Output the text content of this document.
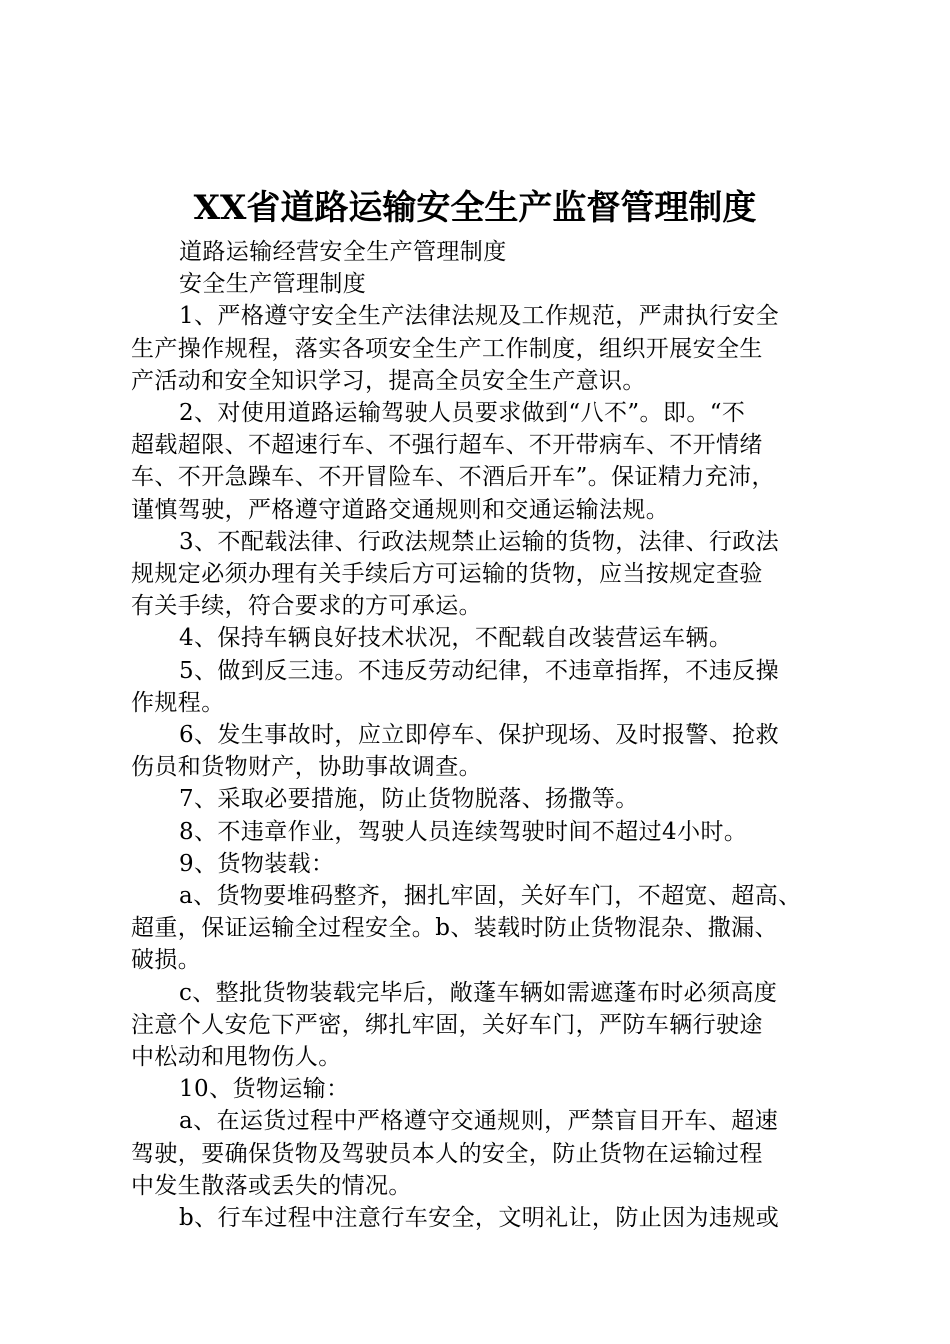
XX省道路运输安全生产监督管理制度
道路运输经营安全生产管理制度
安全生产管理制度
1、严格遵守安全生产法律法规及工作规范，严肃执行安全
生产操作规程，落实各项安全生产工作制度，组织开展安全生
产活动和安全知识学习，提高全员安全生产意识。
2、对使用道路运输驾驶人员要求做到“八不”。即。“不
超载超限、不超速行车、不强行超车、不开带病车、不开情绪
车、不开急躁车、不开冒险车、不酒后开车”。保证精力充沛，
谨慎驾驶，严格遵守道路交通规则和交通运输法规。
3、不配载法律、行政法规禁止运输的货物，法律、行政法
规规定必须办理有关手续后方可运输的货物，应当按规定查验
有关手续，符合要求的方可承运。
4、保持车辆良好技术状况，不配载自改装营运车辆。
5、做到反三违。不违反劳动纪律，不违章指挥，不违反操
作规程。
6、发生事故时，应立即停车、保护现场、及时报警、抢救
伤员和货物财产，协助事故调查。
7、采取必要措施，防止货物脱落、扬撒等。
8、不违章作业，驾驶人员连续驾驶时间不超过4小时。
9、货物装载：
a、货物要堆码整齐，捆扎牢固，关好车门，不超宽、超高、
超重，保证运输全过程安全。b、装载时防止货物混杂、撒漏、
破损。
c、整批货物装载完毕后，敞蓬车辆如需遮蓬布时必须高度
注意个人安危下严密，绑扎牢固，关好车门，严防车辆行驶途
中松动和甩物伤人。
10、货物运输：
a、在运货过程中严格遵守交通规则，严禁盲目开车、超速
驾驶，要确保货物及驾驶员本人的安全，防止货物在运输过程
中发生散落或丢失的情况。
b、行车过程中注意行车安全，文明礼让，防止因为违规或
